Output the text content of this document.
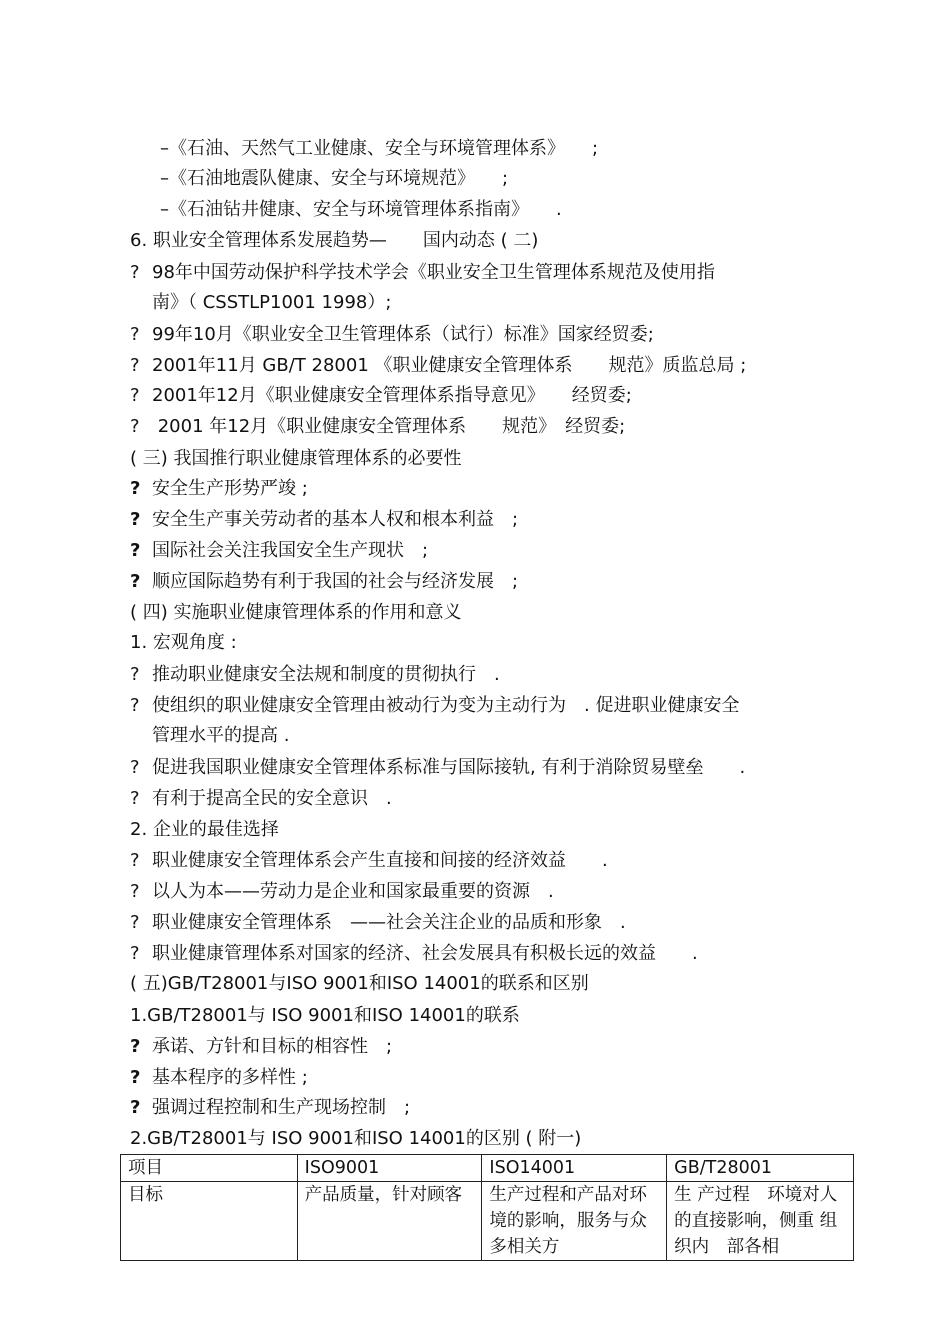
–《石油、天然气工业健康、安全与环境管理体系》　　;
–《石油地震队健康、安全与环境规范》　　;
–《石油钻井健康、安全与环境管理体系指南》　　.
6. 职业安全管理体系发展趋势—　　国内动态 ( 二)
? 98年中国劳动保护科学技术学会《职业安全卫生管理体系规范及使用指
南》（ CSSTLP1001 1998）;
? 99年10月《职业安全卫生管理体系（试行）标准》国家经贸委;
? 2001年11月 GB/T 28001 《职业健康安全管理体系　　规范》质监总局 ;
? 2001年12月《职业健康安全管理体系指导意见》　　经贸委;
? 2001 年12月《职业健康安全管理体系　　规范》　经贸委;
( 三) 我国推行职业健康管理体系的必要性
? 安全生产形势严竣 ;
? 安全生产事关劳动者的基本人权和根本利益　;
? 国际社会关注我国安全生产现状　;
? 顺应国际趋势有利于我国的社会与经济发展　;
( 四) 实施职业健康管理体系的作用和意义
1. 宏观角度 :
? 推动职业健康安全法规和制度的贯彻执行　.
? 使组织的职业健康安全管理由被动行为变为主动行为　. 促进职业健康安全
管理水平的提高 .
? 促进我国职业健康安全管理体系标准与国际接轨, 有利于消除贸易壁垒　　.
? 有利于提高全民的安全意识　.
2. 企业的最佳选择
? 职业健康安全管理体系会产生直接和间接的经济效益　　.
? 以人为本——劳动力是企业和国家最重要的资源　.
? 职业健康安全管理体系　——社会关注企业的品质和形象　.
? 职业健康管理体系对国家的经济、社会发展具有积极长远的效益　　.
( 五)GB/T28001与ISO 9001和ISO 14001的联系和区别
1.GB/T28001与 ISO 9001和ISO 14001的联系
? 承诺、方针和目标的相容性　;
? 基本程序的多样性 ;
? 强调过程控制和生产现场控制　;
2.GB/T28001与 ISO 9001和ISO 14001的区别 ( 附一)
项目	ISO9001	ISO14001	GB/T28001
目标	产品质量，针对顾客	生产过程和产品对环境的影响，服务与众多相关方	生 产过程　环境对人的直接影响，侧重 组织内　部各相
